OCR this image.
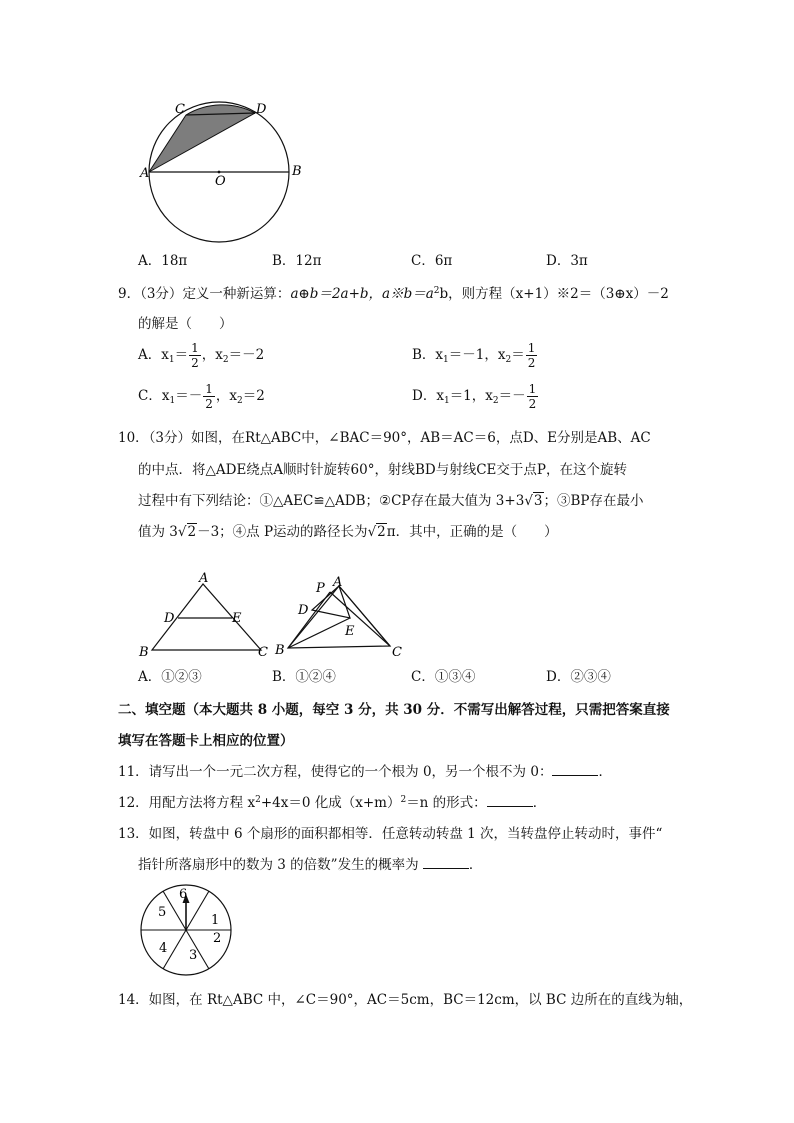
C	D
A
O
B
A．18π	B．12π	C．6π	D．3π
9．（3分）定义一种新运算：a⊕b＝2a+b，$a※b=a^2b$，则方程（x+1）※2＝（3⊕x）－2
的解是（　　）
A．$x_1= \frac{1}{2}$ ，$x_2=-2$	B．$x_1=-1$，$x_2= \frac{1}{2}$
C．$x_1=- \frac{1}{2}$ ，$x_2=2$	D．$x_1=1$，$x_2=- \frac{1}{2}$
10．（3分）如图，在Rt△ABC中，∠BAC＝90°，AB＝AC＝6，点D、E分别是AB、AC
的中点．将△ADE绕点A顺时针旋转60°，射线BD与射线CE交于点P，在这个旋转
过程中有下列结论：①△AEC≌△ADB；②CP存在最大值为 3+3√3；③BP存在最小
值为 3√2－3；④点 P运动的路径长为√2π．其中，正确的是（　　）
A
D	E
B	C
P A
D
E
B	C
A．①②③	B．①②④	C．①③④	D．②③④
二、填空题（本大题共 8 小题，每空 3 分，共 30 分．不需写出解答过程，只需把答案直接
填写在答题卡上相应的位置）
11．请写出一个一元二次方程，使得它的一个根为 0，另一个根不为 0：	．
12．用配方法将方程 $x^2+4x=0$ 化成$(x+m)^2=n$ 的形式：	．
13．如图，转盘中 6 个扇形的面积都相等．任意转动转盘 1 次，当转盘停止转动时，事件“
指针所落扇形中的数为 3 的倍数”发生的概率为	．
6
1
2
3
4
5
14．如图，在 Rt△ABC 中，∠C＝90°，AC＝5cm，BC＝12cm，以 BC 边所在的直线为轴，
